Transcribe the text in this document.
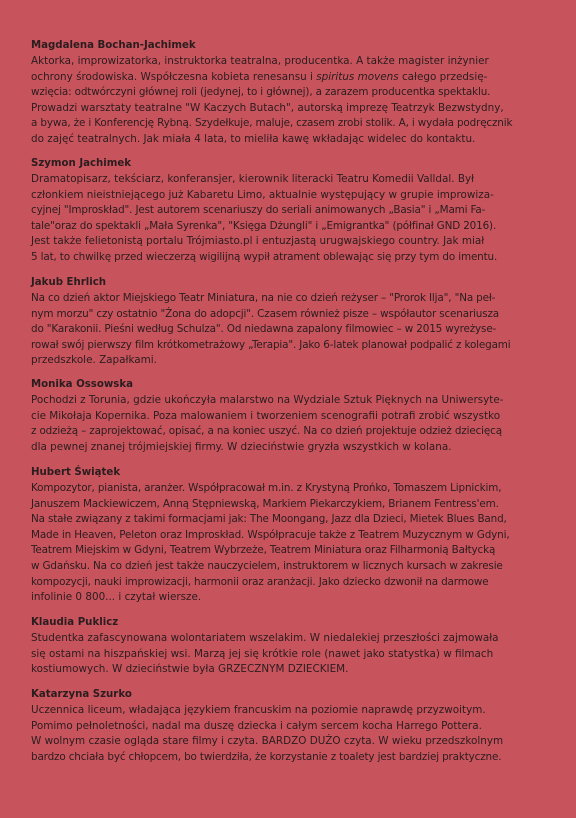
Magdalena Bochan-Jachimek
Aktorka, improwizatorka, instruktorka teatralna, producentka. A także magister inżynier
ochrony środowiska. Współczesna kobieta renesansu i spiritus movens całego przedsię-
wzięcia: odtwórczyni głównej roli (jedynej, to i głównej), a zarazem producentka spektaklu.
Prowadzi warsztaty teatralne "W Kaczych Butach", autorską imprezę Teatrzyk Bezwstydny,
a bywa, że i Konferencję Rybną. Szydełkuje, maluje, czasem zrobi stolik. A, i wydała podręcznik
do zajęć teatralnych. Jak miała 4 lata, to mieliła kawę wkładając widelec do kontaktu.
Szymon Jachimek
Dramatopisarz, tekściarz, konferansjer, kierownik literacki Teatru Komedii Valldal. Był
członkiem nieistniejącego już Kabaretu Limo, aktualnie występujący w grupie improwiza-
cyjnej "Improskład". Jest autorem scenariuszy do seriali animowanych „Basia" i „Mami Fa-
tale"oraz do spektakli „Mała Syrenka", "Księga Dżungli" i „Emigrantka" (półfinał GND 2016).
Jest także felietonistą portalu Trójmiasto.pl i entuzjastą urugwajskiego country. Jak miał
5 lat, to chwilkę przed wieczerzą wigilijną wypił atrament oblewając się przy tym do imentu.
Jakub Ehrlich
Na co dzień aktor Miejskiego Teatr Miniatura, na nie co dzień reżyser – "Prorok Ilja", "Na peł-
nym morzu" czy ostatnio "Żona do adopcji". Czasem również pisze – współautor scenariusza
do "Karakonii. Pieśni według Schulza". Od niedawna zapalony filmowiec – w 2015 wyreżyse-
rował swój pierwszy film krótkometrażowy „Terapia". Jako 6-latek planował podpalić z kolegami
przedszkole. Zapałkami.
Monika Ossowska
Pochodzi z Torunia, gdzie ukończyła malarstwo na Wydziale Sztuk Pięknych na Uniwersyte-
cie Mikołaja Kopernika. Poza malowaniem i tworzeniem scenografii potrafi zrobić wszystko
z odzieżą – zaprojektować, opisać, a na koniec uszyć. Na co dzień projektuje odzież dziecięcą
dla pewnej znanej trójmiejskiej firmy. W dzieciństwie gryzła wszystkich w kolana.
Hubert Świątek
Kompozytor, pianista, aranżer. Współpracował m.in. z Krystyną Prońko, Tomaszem Lipnickim,
Januszem Mackiewiczem, Anną Stępniewską, Markiem Piekarczykiem, Brianem Fentress'em.
Na stałe związany z takimi formacjami jak: The Moongang, Jazz dla Dzieci, Mietek Blues Band,
Made in Heaven, Peleton oraz Improskład. Współpracuje także z Teatrem Muzycznym w Gdyni,
Teatrem Miejskim w Gdyni, Teatrem Wybrzeże, Teatrem Miniatura oraz Filharmonią Bałtycką
w Gdańsku. Na co dzień jest także nauczycielem, instruktorem w licznych kursach w zakresie
kompozycji, nauki improwizacji, harmonii oraz aranżacji. Jako dziecko dzwonił na darmowe
infolinie 0 800... i czytał wiersze.
Klaudia Puklicz
Studentka zafascynowana wolontariatem wszelakim. W niedalekiej przeszłości zajmowała
się ostami na hiszpańskiej wsi. Marzą jej się krótkie role (nawet jako statystka) w filmach
kostiumowych. W dzieciństwie była GRZECZNYM DZIECKIEM.
Katarzyna Szurko
Uczennica liceum, władająca językiem francuskim na poziomie naprawdę przyzwoitym.
Pomimo pełnoletności, nadal ma duszę dziecka i całym sercem kocha Harrego Pottera.
W wolnym czasie ogląda stare filmy i czyta. BARDZO DUŻO czyta. W wieku przedszkolnym
bardzo chciała być chłopcem, bo twierdziła, że korzystanie z toalety jest bardziej praktyczne.
